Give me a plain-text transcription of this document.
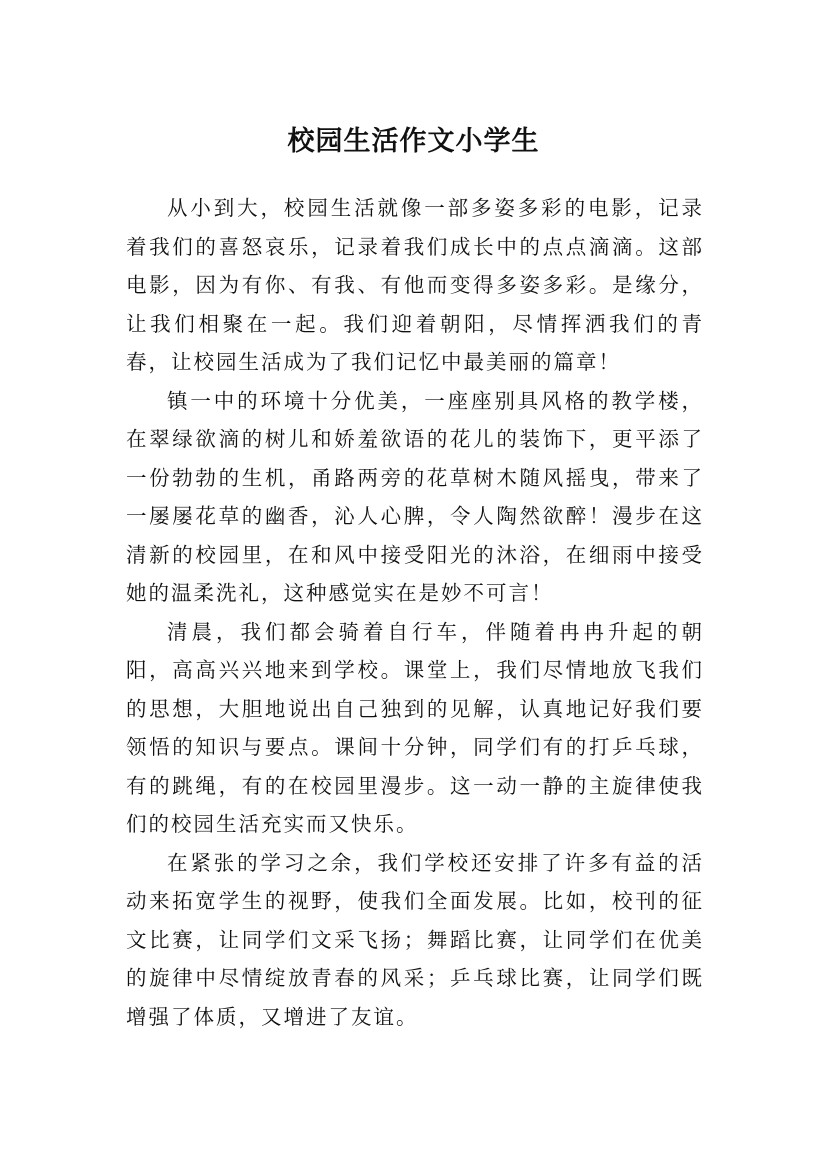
校园生活作文小学生

从小到大，校园生活就像一部多姿多彩的电影，记录着我们的喜怒哀乐，记录着我们成长中的点点滴滴。这部电影，因为有你、有我、有他而变得多姿多彩。是缘分，让我们相聚在一起。我们迎着朝阳，尽情挥洒我们的青春，让校园生活成为了我们记忆中最美丽的篇章！

镇一中的环境十分优美，一座座别具风格的教学楼，在翠绿欲滴的树儿和娇羞欲语的花儿的装饰下，更平添了一份勃勃的生机，甬路两旁的花草树木随风摇曳，带来了一屡屡花草的幽香，沁人心脾，令人陶然欲醉！漫步在这清新的校园里，在和风中接受阳光的沐浴，在细雨中接受她的温柔洗礼，这种感觉实在是妙不可言！

清晨，我们都会骑着自行车，伴随着冉冉升起的朝阳，高高兴兴地来到学校。课堂上，我们尽情地放飞我们的思想，大胆地说出自己独到的见解，认真地记好我们要领悟的知识与要点。课间十分钟，同学们有的打乒乓球，有的跳绳，有的在校园里漫步。这一动一静的主旋律使我们的校园生活充实而又快乐。

在紧张的学习之余，我们学校还安排了许多有益的活动来拓宽学生的视野，使我们全面发展。比如，校刊的征文比赛，让同学们文采飞扬；舞蹈比赛，让同学们在优美的旋律中尽情绽放青春的风采；乒乓球比赛，让同学们既增强了体质，又增进了友谊。
